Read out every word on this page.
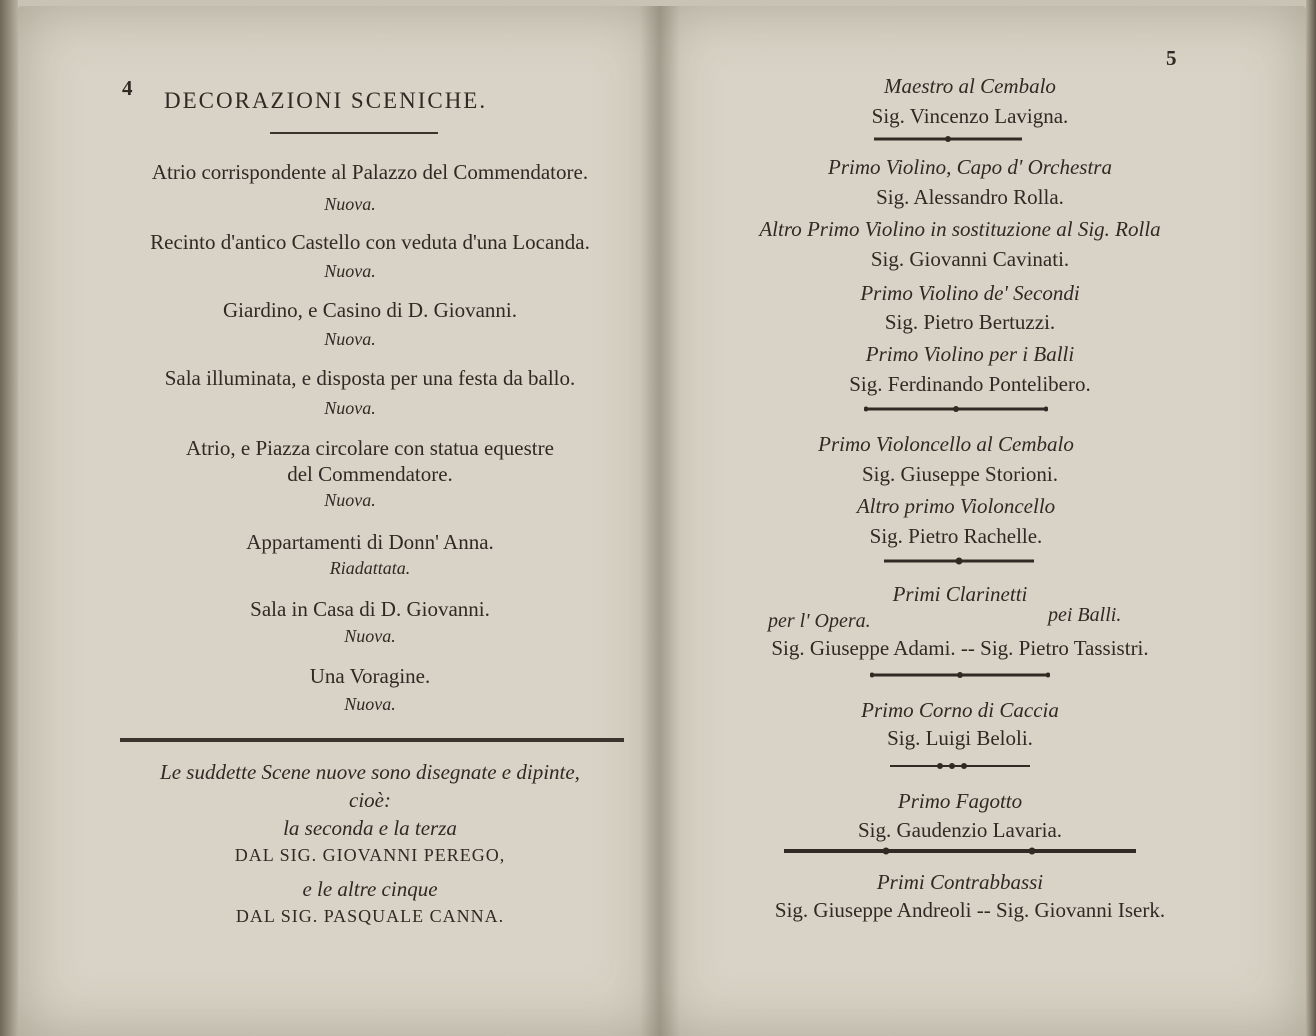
4 DECORAZIONI SCENICHE.
Atrio corrispondente al Palazzo del Commendatore.
Nuova.
Recinto d'antico Castello con veduta d'una Locanda.
Nuova.
Giardino, e Casino di D. Giovanni.
Nuova.
Sala illuminata, e disposta per una festa da ballo.
Nuova.
Atrio, e Piazza circolare con statua equestre
del Commendatore.
Nuova.
Appartamenti di Donn' Anna.
Riadattata.
Sala in Casa di D. Giovanni.
Nuova.
Una Voragine.
Nuova.
Le suddette Scene nuove sono disegnate e dipinte,
cioè:
la seconda e la terza
DAL SIG. GIOVANNI PEREGO,
e le altre cinque
DAL SIG. PASQUALE CANNA.
5
Maestro al Cembalo
Sig. Vincenzo Lavigna.
Primo Violino, Capo d' Orchestra
Sig. Alessandro Rolla.
Altro Primo Violino in sostituzione al Sig. Rolla
Sig. Giovanni Cavinati.
Primo Violino de' Secondi
Sig. Pietro Bertuzzi.
Primo Violino per i Balli
Sig. Ferdinando Pontelibero.
Primo Violoncello al Cembalo
Sig. Giuseppe Storioni.
Altro primo Violoncello
Sig. Pietro Rachelle.
Primi Clarinetti
per l' Opera.	pei Balli.
Sig. Giuseppe Adami. -- Sig. Pietro Tassistri.
Primo Corno di Caccia
Sig. Luigi Beloli.
Primo Fagotto
Sig. Gaudenzio Lavaria.
Primi Contrabbassi
Sig. Giuseppe Andreoli -- Sig. Giovanni Iserk.
